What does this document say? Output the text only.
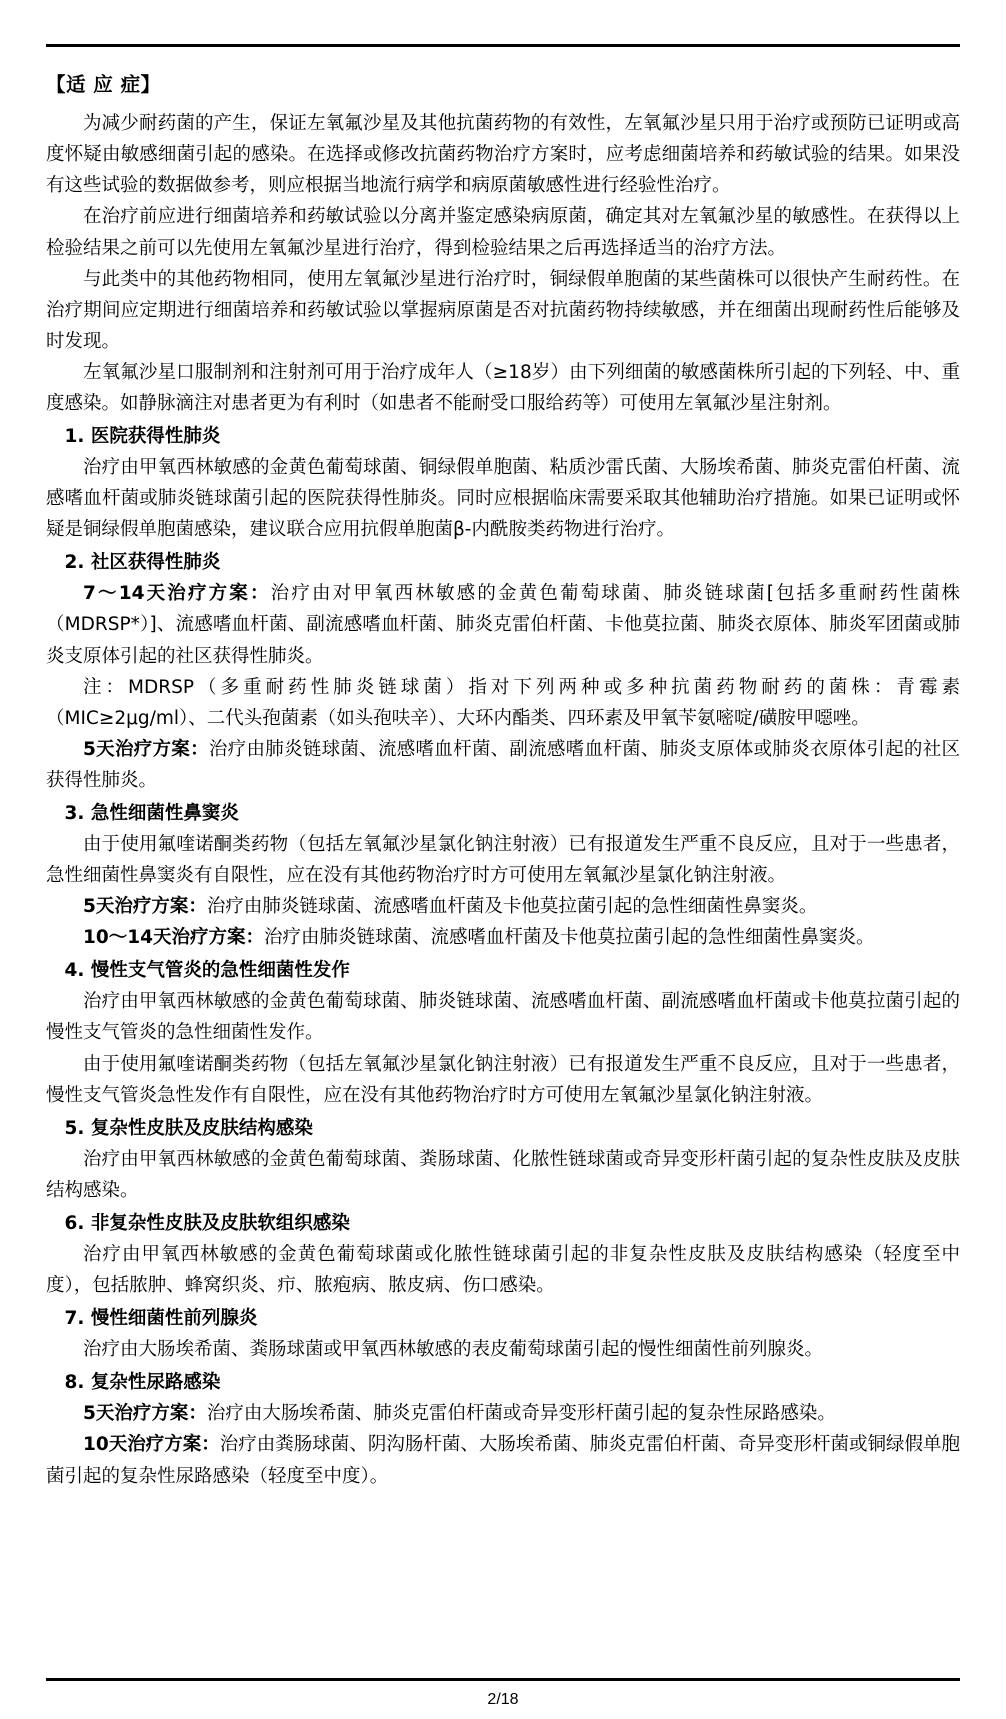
【适 应 症】

为减少耐药菌的产生，保证左氧氟沙星及其他抗菌药物的有效性，左氧氟沙星只用于治疗或预防已证明或高度怀疑由敏感细菌引起的感染。在选择或修改抗菌药物治疗方案时，应考虑细菌培养和药敏试验的结果。如果没有这些试验的数据做参考，则应根据当地流行病学和病原菌敏感性进行经验性治疗。

在治疗前应进行细菌培养和药敏试验以分离并鉴定感染病原菌，确定其对左氧氟沙星的敏感性。在获得以上检验结果之前可以先使用左氧氟沙星进行治疗，得到检验结果之后再选择适当的治疗方法。

与此类中的其他药物相同，使用左氧氟沙星进行治疗时，铜绿假单胞菌的某些菌株可以很快产生耐药性。在治疗期间应定期进行细菌培养和药敏试验以掌握病原菌是否对抗菌药物持续敏感，并在细菌出现耐药性后能够及时发现。

左氧氟沙星口服制剂和注射剂可用于治疗成年人（≥18岁）由下列细菌的敏感菌株所引起的下列轻、中、重度感染。如静脉滴注对患者更为有利时（如患者不能耐受口服给药等）可使用左氧氟沙星注射剂。

1. 医院获得性肺炎

治疗由甲氧西林敏感的金黄色葡萄球菌、铜绿假单胞菌、粘质沙雷氏菌、大肠埃希菌、肺炎克雷伯杆菌、流感嗜血杆菌或肺炎链球菌引起的医院获得性肺炎。同时应根据临床需要采取其他辅助治疗措施。如果已证明或怀疑是铜绿假单胞菌感染，建议联合应用抗假单胞菌β-内酰胺类药物进行治疗。

2. 社区获得性肺炎

7～14天治疗方案：治疗由对甲氧西林敏感的金黄色葡萄球菌、肺炎链球菌[包括多重耐药性菌株（MDRSP*）]、流感嗜血杆菌、副流感嗜血杆菌、肺炎克雷伯杆菌、卡他莫拉菌、肺炎衣原体、肺炎军团菌或肺炎支原体引起的社区获得性肺炎。

注：MDRSP（多重耐药性肺炎链球菌）指对下列两种或多种抗菌药物耐药的菌株：青霉素（MIC≥2μg/ml）、二代头孢菌素（如头孢呋辛）、大环内酯类、四环素及甲氧苄氨嘧啶/磺胺甲噁唑。

5天治疗方案：治疗由肺炎链球菌、流感嗜血杆菌、副流感嗜血杆菌、肺炎支原体或肺炎衣原体引起的社区获得性肺炎。

3. 急性细菌性鼻窦炎

由于使用氟喹诺酮类药物（包括左氧氟沙星氯化钠注射液）已有报道发生严重不良反应，且对于一些患者，急性细菌性鼻窦炎有自限性，应在没有其他药物治疗时方可使用左氧氟沙星氯化钠注射液。

5天治疗方案：治疗由肺炎链球菌、流感嗜血杆菌及卡他莫拉菌引起的急性细菌性鼻窦炎。

10～14天治疗方案：治疗由肺炎链球菌、流感嗜血杆菌及卡他莫拉菌引起的急性细菌性鼻窦炎。

4. 慢性支气管炎的急性细菌性发作

治疗由甲氧西林敏感的金黄色葡萄球菌、肺炎链球菌、流感嗜血杆菌、副流感嗜血杆菌或卡他莫拉菌引起的慢性支气管炎的急性细菌性发作。

由于使用氟喹诺酮类药物（包括左氧氟沙星氯化钠注射液）已有报道发生严重不良反应，且对于一些患者，慢性支气管炎急性发作有自限性，应在没有其他药物治疗时方可使用左氧氟沙星氯化钠注射液。

5. 复杂性皮肤及皮肤结构感染

治疗由甲氧西林敏感的金黄色葡萄球菌、粪肠球菌、化脓性链球菌或奇异变形杆菌引起的复杂性皮肤及皮肤结构感染。

6. 非复杂性皮肤及皮肤软组织感染

治疗由甲氧西林敏感的金黄色葡萄球菌或化脓性链球菌引起的非复杂性皮肤及皮肤结构感染（轻度至中度），包括脓肿、蜂窝织炎、疖、脓疱病、脓皮病、伤口感染。

7. 慢性细菌性前列腺炎

治疗由大肠埃希菌、粪肠球菌或甲氧西林敏感的表皮葡萄球菌引起的慢性细菌性前列腺炎。

8. 复杂性尿路感染

5天治疗方案：治疗由大肠埃希菌、肺炎克雷伯杆菌或奇异变形杆菌引起的复杂性尿路感染。

10天治疗方案：治疗由粪肠球菌、阴沟肠杆菌、大肠埃希菌、肺炎克雷伯杆菌、奇异变形杆菌或铜绿假单胞菌引起的复杂性尿路感染（轻度至中度）。

2/18
